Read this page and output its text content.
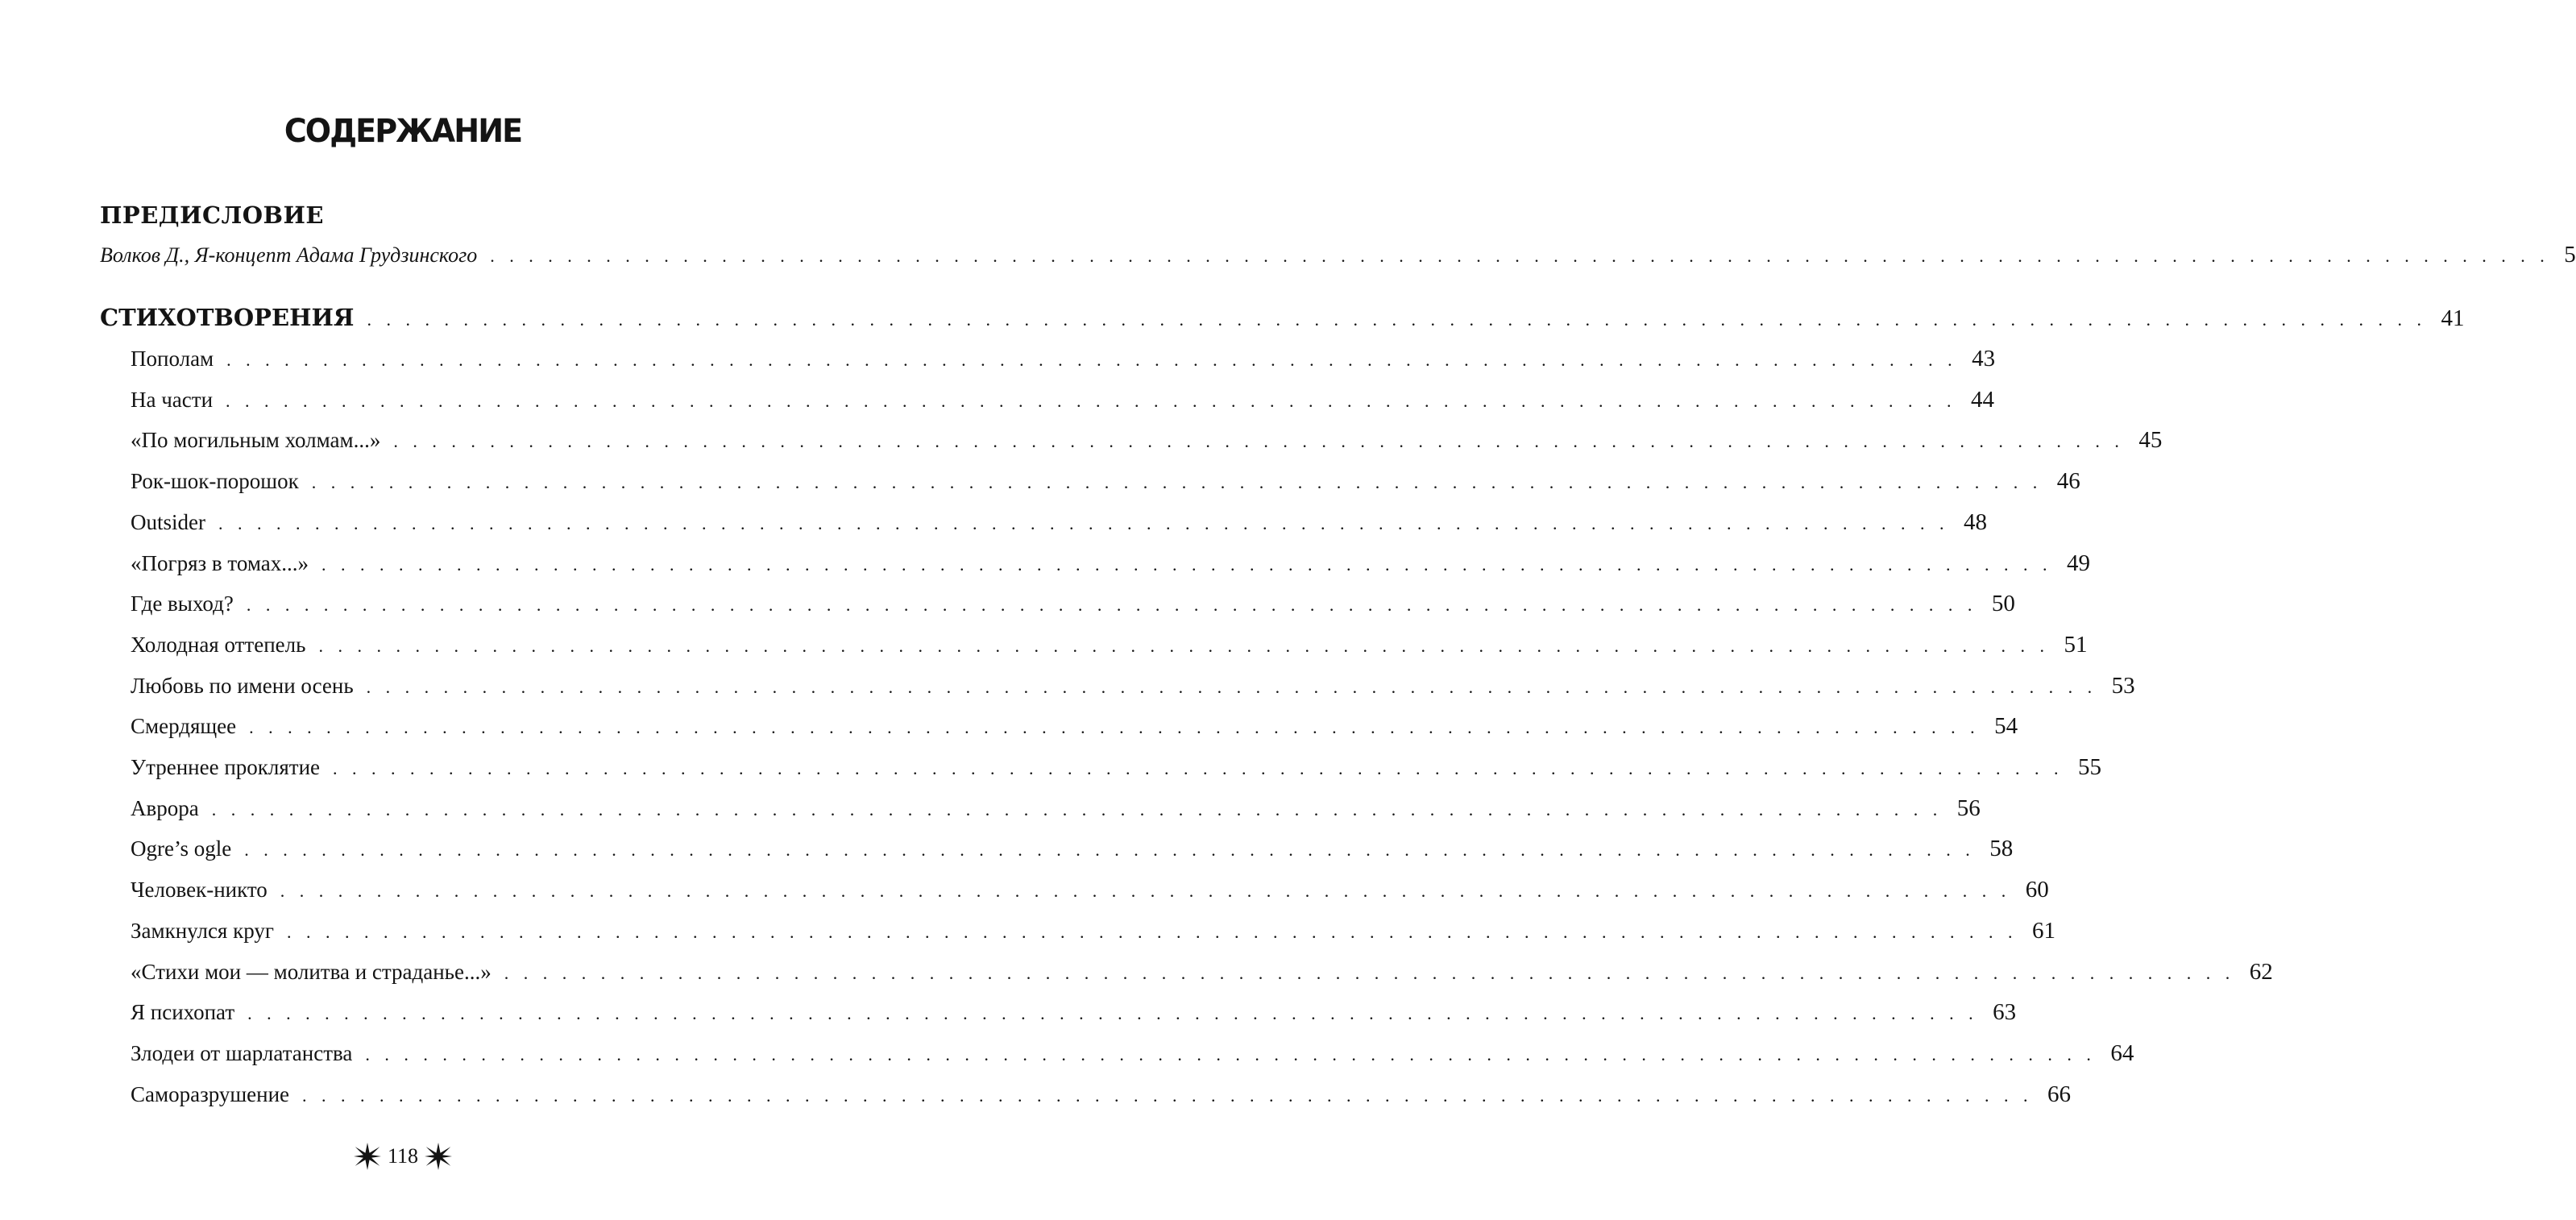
СОДЕРЖАНИЕ
ПРЕДИСЛОВИЕ
Волков Д., Я-концепт Адама Грудзинского . . . . . . . . . . . . . . . . . . . . . . . . . . . . . . . . . . . . . . . . . . . . . . . . . . . . . . . . . . . . . . . . . . . . . . . . . . . . . . . . . . . . . . . . . . . . . . . . . . . . . . . . . . . 5
СТИХОТВОРЕНИЯ . . . . . . . . . . . . . . . . . . . . . . . . . . . . . . . . . . . . . . . . . . . . . . . . . . . . . . . . . . . . . . . . . . . . . . . . . . . . . . . . . . . . . . . . . . . . . . . . . . . . . . . . . . . 41
Пополам . . . . . . . . . . . . . . . . . . . . . . . . . . . . . . . . . . . . . . . . . . . . . . . . . . . . . . . . . . . . . . . . . . . . . . . . . . . . . . . . . . . . . . . . . . 43
На части . . . . . . . . . . . . . . . . . . . . . . . . . . . . . . . . . . . . . . . . . . . . . . . . . . . . . . . . . . . . . . . . . . . . . . . . . . . . . . . . . . . . . . . . . . 44
«По могильным холмам...» . . . . . . . . . . . . . . . . . . . . . . . . . . . . . . . . . . . . . . . . . . . . . . . . . . . . . . . . . . . . . . . . . . . . . . . . . . . . . . . . . . . . . . . . . . 45
Рок-шок-порошок . . . . . . . . . . . . . . . . . . . . . . . . . . . . . . . . . . . . . . . . . . . . . . . . . . . . . . . . . . . . . . . . . . . . . . . . . . . . . . . . . . . . . . . . . . 46
Outsider . . . . . . . . . . . . . . . . . . . . . . . . . . . . . . . . . . . . . . . . . . . . . . . . . . . . . . . . . . . . . . . . . . . . . . . . . . . . . . . . . . . . . . . . . . 48
«Погряз в томах...» . . . . . . . . . . . . . . . . . . . . . . . . . . . . . . . . . . . . . . . . . . . . . . . . . . . . . . . . . . . . . . . . . . . . . . . . . . . . . . . . . . . . . . . . . . 49
Где выход? . . . . . . . . . . . . . . . . . . . . . . . . . . . . . . . . . . . . . . . . . . . . . . . . . . . . . . . . . . . . . . . . . . . . . . . . . . . . . . . . . . . . . . . . . . 50
Холодная оттепель . . . . . . . . . . . . . . . . . . . . . . . . . . . . . . . . . . . . . . . . . . . . . . . . . . . . . . . . . . . . . . . . . . . . . . . . . . . . . . . . . . . . . . . . . . 51
Любовь по имени осень . . . . . . . . . . . . . . . . . . . . . . . . . . . . . . . . . . . . . . . . . . . . . . . . . . . . . . . . . . . . . . . . . . . . . . . . . . . . . . . . . . . . . . . . . . 53
Смердящее . . . . . . . . . . . . . . . . . . . . . . . . . . . . . . . . . . . . . . . . . . . . . . . . . . . . . . . . . . . . . . . . . . . . . . . . . . . . . . . . . . . . . . . . . . 54
Утреннее проклятие . . . . . . . . . . . . . . . . . . . . . . . . . . . . . . . . . . . . . . . . . . . . . . . . . . . . . . . . . . . . . . . . . . . . . . . . . . . . . . . . . . . . . . . . . . 55
Аврора . . . . . . . . . . . . . . . . . . . . . . . . . . . . . . . . . . . . . . . . . . . . . . . . . . . . . . . . . . . . . . . . . . . . . . . . . . . . . . . . . . . . . . . . . . 56
Ogre’s ogle . . . . . . . . . . . . . . . . . . . . . . . . . . . . . . . . . . . . . . . . . . . . . . . . . . . . . . . . . . . . . . . . . . . . . . . . . . . . . . . . . . . . . . . . . . 58
Человек-никто . . . . . . . . . . . . . . . . . . . . . . . . . . . . . . . . . . . . . . . . . . . . . . . . . . . . . . . . . . . . . . . . . . . . . . . . . . . . . . . . . . . . . . . . . . 60
Замкнулся круг . . . . . . . . . . . . . . . . . . . . . . . . . . . . . . . . . . . . . . . . . . . . . . . . . . . . . . . . . . . . . . . . . . . . . . . . . . . . . . . . . . . . . . . . . . 61
«Стихи мои — молитва и страданье...» . . . . . . . . . . . . . . . . . . . . . . . . . . . . . . . . . . . . . . . . . . . . . . . . . . . . . . . . . . . . . . . . . . . . . . . . . . . . . . . . . . . . . . . . . . 62
Я психопат . . . . . . . . . . . . . . . . . . . . . . . . . . . . . . . . . . . . . . . . . . . . . . . . . . . . . . . . . . . . . . . . . . . . . . . . . . . . . . . . . . . . . . . . . . 63
Злодеи от шарлатанства . . . . . . . . . . . . . . . . . . . . . . . . . . . . . . . . . . . . . . . . . . . . . . . . . . . . . . . . . . . . . . . . . . . . . . . . . . . . . . . . . . . . . . . . . . 64
Саморазрушение . . . . . . . . . . . . . . . . . . . . . . . . . . . . . . . . . . . . . . . . . . . . . . . . . . . . . . . . . . . . . . . . . . . . . . . . . . . . . . . . . . . . . . . . . . 66
118
